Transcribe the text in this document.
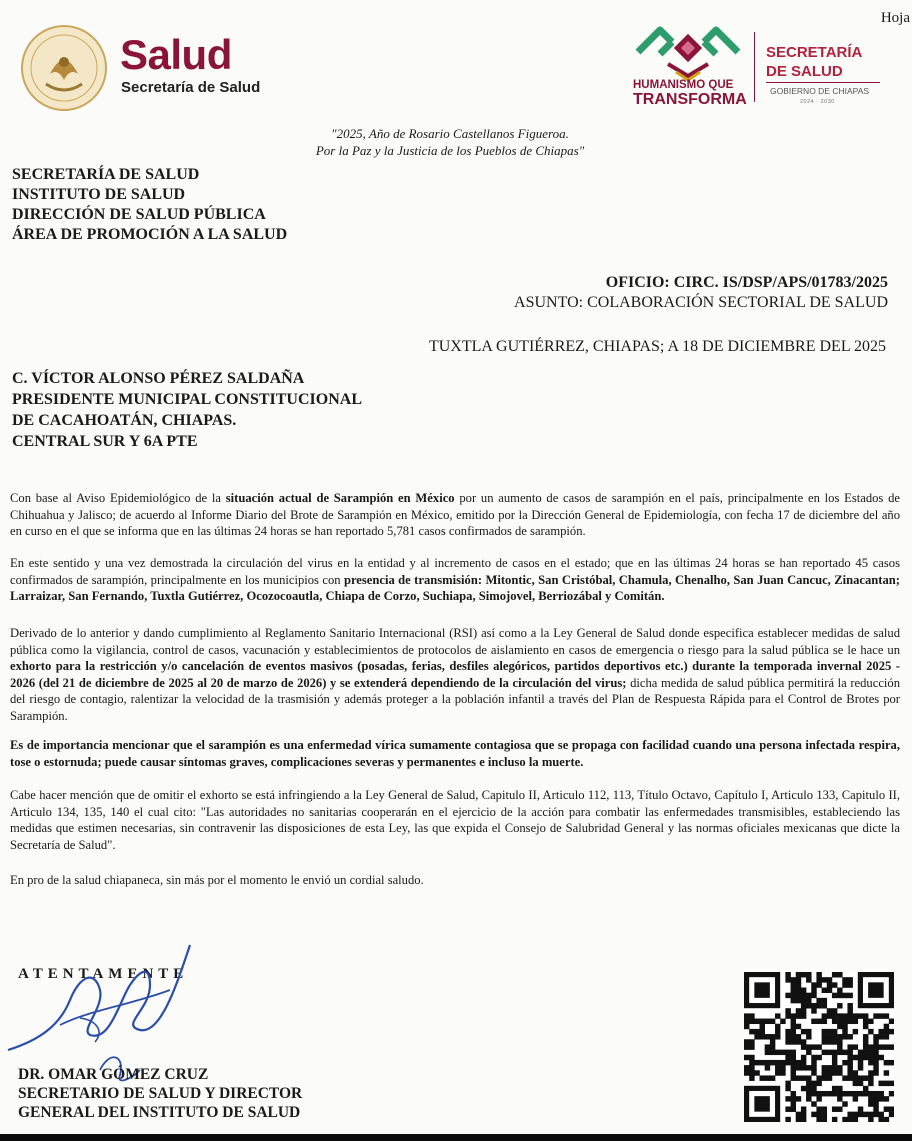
Hoja
Salud
Secretaría de Salud	HUMANISMO QUE
TRANSFORMA
SECRETARÍA
DE SALUD
GOBIERNO DE CHIAPAS
2024 · 2030
"2025, Año de Rosario Castellanos Figueroa.
Por la Paz y la Justicia de los Pueblos de Chiapas"
SECRETARÍA DE SALUD
INSTITUTO DE SALUD
DIRECCIÓN DE SALUD PÚBLICA
ÁREA DE PROMOCIÓN A LA SALUD
OFICIO: CIRC. IS/DSP/APS/01783/2025
ASUNTO: COLABORACIÓN SECTORIAL DE SALUD
TUXTLA GUTIÉRREZ, CHIAPAS; A 18 DE DICIEMBRE DEL 2025
C. VÍCTOR ALONSO PÉREZ SALDAÑA
PRESIDENTE MUNICIPAL CONSTITUCIONAL
DE CACAHOATÁN, CHIAPAS.
CENTRAL SUR Y 6A PTE
Con base al Aviso Epidemiológico de la situación actual de Sarampión en México por un aumento de casos de sarampión en el país, principalmente en los Estados de Chihuahua y Jalisco; de acuerdo al Informe Diario del Brote de Sarampión en México, emitido por la Dirección General de Epidemiología, con fecha 17 de diciembre del año en curso en el que se informa que en las últimas 24 horas se han reportado 5,781 casos confirmados de sarampión.
En este sentido y una vez demostrada la circulación del virus en la entidad y al incremento de casos en el estado; que en las últimas 24 horas se han reportado 45 casos confirmados de sarampión, principalmente en los municipios con presencia de transmisión: Mitontic, San Cristóbal, Chamula, Chenalho, San Juan Cancuc, Zinacantan; Larraizar, San Fernando, Tuxtla Gutiérrez, Ocozocoautla, Chiapa de Corzo, Suchiapa, Simojovel, Berriozábal y Comitán.
Derivado de lo anterior y dando cumplimiento al Reglamento Sanitario Internacional (RSI) así como a la Ley General de Salud donde especifica establecer medidas de salud pública como la vigilancia, control de casos, vacunación y establecimientos de protocolos de aislamiento en casos de emergencia o riesgo para la salud pública se le hace un exhorto para la restricción y/o cancelación de eventos masivos (posadas, ferias, desfiles alegóricos, partidos deportivos etc.) durante la temporada invernal 2025 - 2026 (del 21 de diciembre de 2025 al 20 de marzo de 2026) y se extenderá dependiendo de la circulación del virus; dicha medida de salud pública permitirá la reducción del riesgo de contagio, ralentizar la velocidad de la trasmisión y además proteger a la población infantil a través del Plan de Respuesta Rápida para el Control de Brotes por Sarampión.
Es de importancia mencionar que el sarampión es una enfermedad vírica sumamente contagiosa que se propaga con facilidad cuando una persona infectada respira, tose o estornuda; puede causar síntomas graves, complicaciones severas y permanentes e incluso la muerte.
Cabe hacer mención que de omitir el exhorto se está infringiendo a la Ley General de Salud, Capitulo II, Articulo 112, 113, Título Octavo, Capítulo I, Articulo 133, Capitulo II, Articulo 134, 135, 140 el cual cito: "Las autoridades no sanitarias cooperarán en el ejercicio de la acción para combatir las enfermedades transmisibles, estableciendo las medidas que estimen necesarias, sin contravenir las disposiciones de esta Ley, las que expida el Consejo de Salubridad General y las normas oficiales mexicanas que dicte la Secretaría de Salud".
En pro de la salud chiapaneca, sin más por el momento le envió un cordial saludo.
ATENTAMENTE
DR. OMAR GÓMEZ CRUZ
SECRETARIO DE SALUD Y DIRECTOR
GENERAL DEL INSTITUTO DE SALUD
